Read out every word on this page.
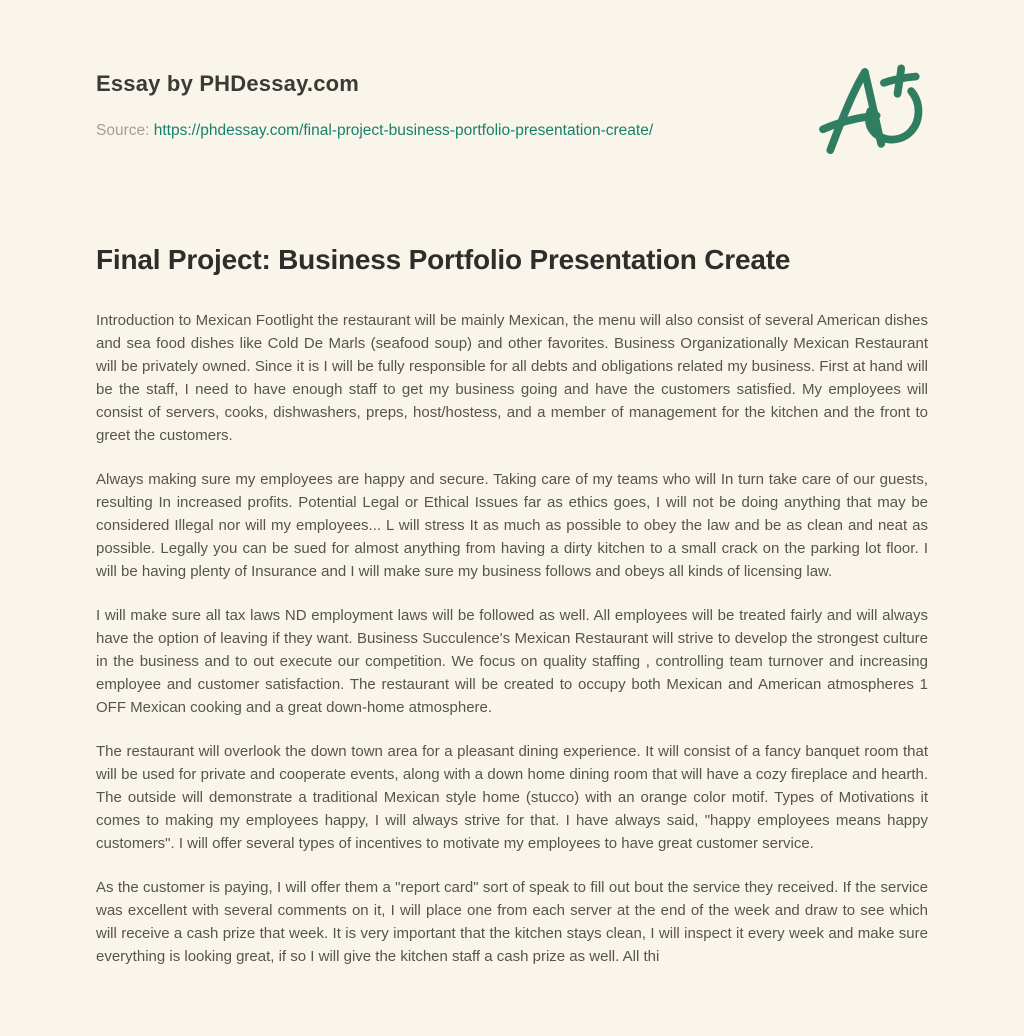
Essay by PHDessay.com

Source: https://phdessay.com/final-project-business-portfolio-presentation-create/

Final Project: Business Portfolio Presentation Create

Introduction to Mexican Footlight the restaurant will be mainly Mexican, the menu will also consist of several American dishes and sea food dishes like Cold De Marls (seafood soup) and other favorites. Business Organizationally Mexican Restaurant will be privately owned. Since it is I will be fully responsible for all debts and obligations related my business. First at hand will be the staff, I need to have enough staff to get my business going and have the customers satisfied. My employees will consist of servers, cooks, dishwashers, preps, host/hostess, and a member of management for the kitchen and the front to greet the customers.

Always making sure my employees are happy and secure. Taking care of my teams who will In turn take care of our guests, resulting In increased profits. Potential Legal or Ethical Issues far as ethics goes, I will not be doing anything that may be considered Illegal nor will my employees... L will stress It as much as possible to obey the law and be as clean and neat as possible. Legally you can be sued for almost anything from having a dirty kitchen to a small crack on the parking lot floor. I will be having plenty of Insurance and I will make sure my business follows and obeys all kinds of licensing law.

I will make sure all tax laws ND employment laws will be followed as well. All employees will be treated fairly and will always have the option of leaving if they want. Business Succulence's Mexican Restaurant will strive to develop the strongest culture in the business and to out execute our competition. We focus on quality staffing , controlling team turnover and increasing employee and customer satisfaction. The restaurant will be created to occupy both Mexican and American atmospheres 1 OFF Mexican cooking and a great down-home atmosphere.

The restaurant will overlook the down town area for a pleasant dining experience. It will consist of a fancy banquet room that will be used for private and cooperate events, along with a down home dining room that will have a cozy fireplace and hearth. The outside will demonstrate a traditional Mexican style home (stucco) with an orange color motif. Types of Motivations it comes to making my employees happy, I will always strive for that. I have always said, "happy employees means happy customers". I will offer several types of incentives to motivate my employees to have great customer service.

As the customer is paying, I will offer them a "report card" sort of speak to fill out bout the service they received. If the service was excellent with several comments on it, I will place one from each server at the end of the week and draw to see which will receive a cash prize that week. It is very important that the kitchen stays clean, I will inspect it every week and make sure everything is looking great, if so I will give the kitchen staff a cash prize as well. All thi
